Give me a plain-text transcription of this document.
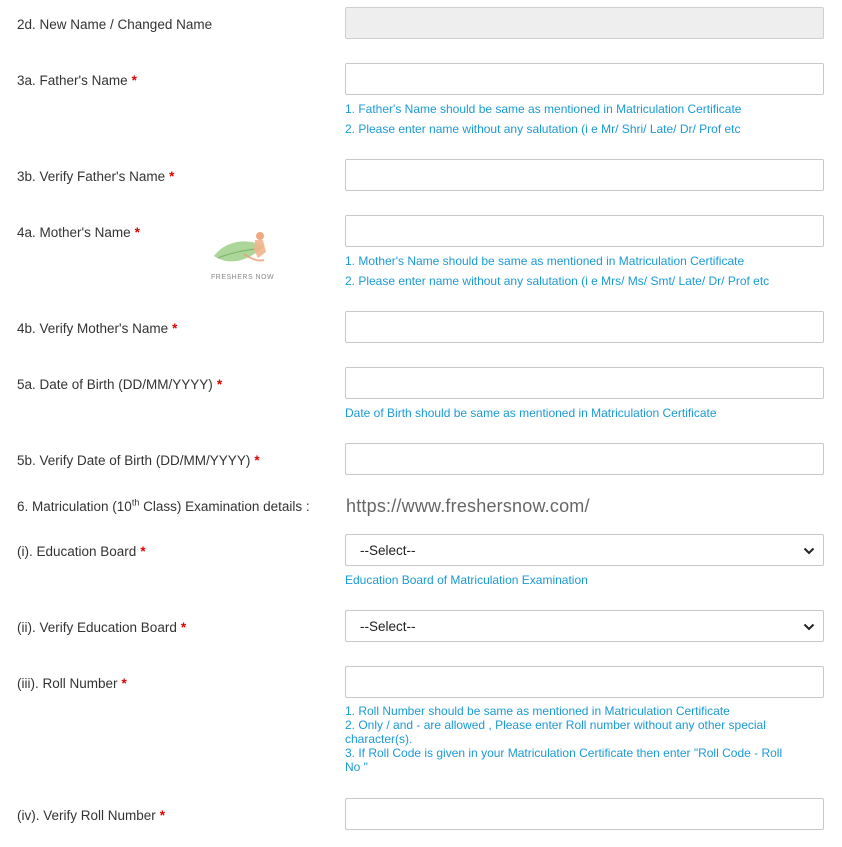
2d. New Name / Changed Name
3a. Father's Name *
1. Father's Name should be same as mentioned in Matriculation Certificate
2. Please enter name without any salutation (i e Mr/ Shri/ Late/ Dr/ Prof etc
3b. Verify Father's Name *
4a. Mother's Name *
1. Mother's Name should be same as mentioned in Matriculation Certificate
2. Please enter name without any salutation (i e Mrs/ Ms/ Smt/ Late/ Dr/ Prof etc
FRESHERS NOW
4b. Verify Mother's Name *
5a. Date of Birth (DD/MM/YYYY) *
Date of Birth should be same as mentioned in Matriculation Certificate
5b. Verify Date of Birth (DD/MM/YYYY) *
6. Matriculation (10th Class) Examination details : https://www.freshersnow.com/
(i). Education Board *	--Select--
Education Board of Matriculation Examination
(ii). Verify Education Board *	--Select--
(iii). Roll Number *
1. Roll Number should be same as mentioned in Matriculation Certificate
2. Only / and - are allowed , Please enter Roll number without any other special character(s).
3. If Roll Code is given in your Matriculation Certificate then enter "Roll Code - Roll No "
(iv). Verify Roll Number *
